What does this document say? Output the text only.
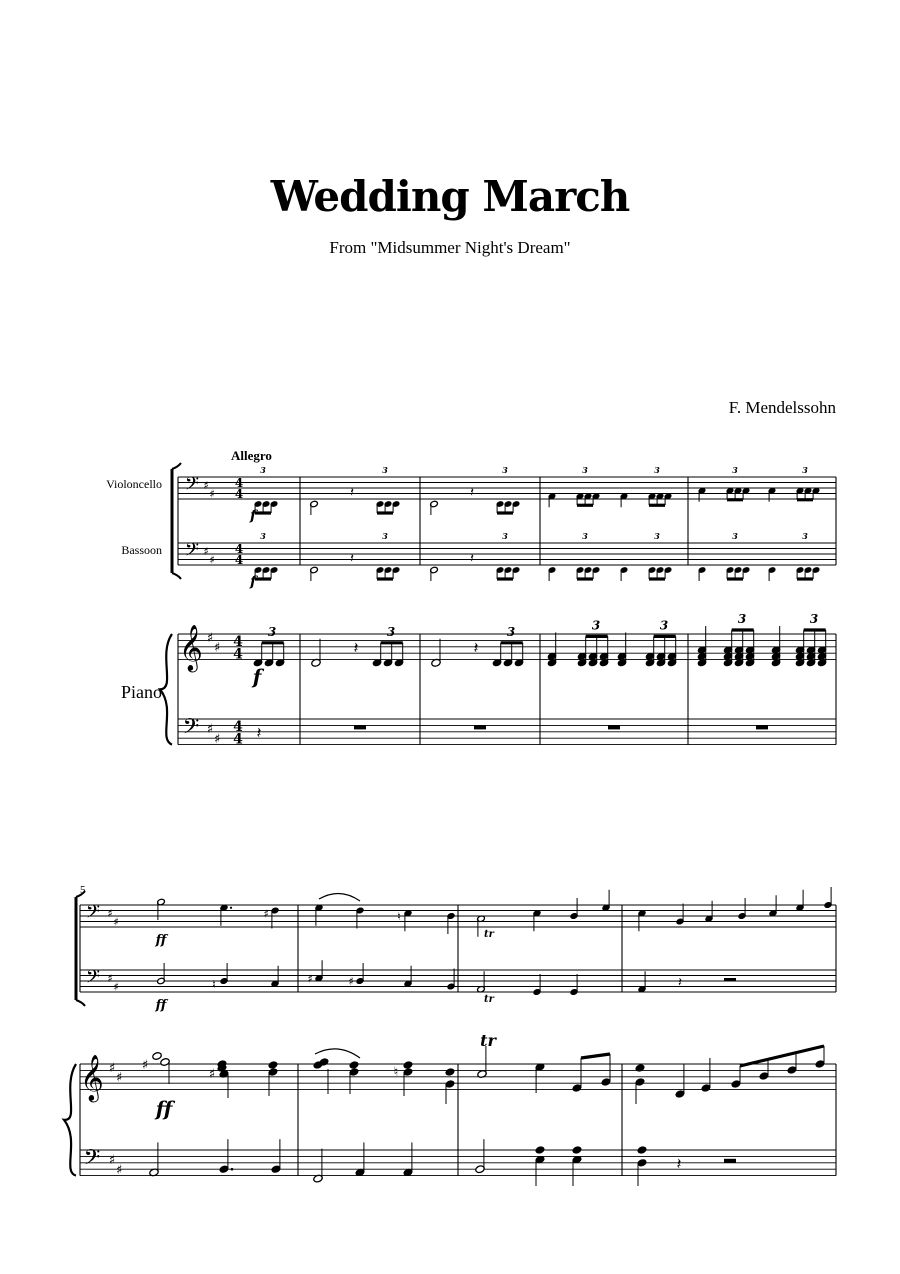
Wedding March
From "Midsummer Night's Dream"
F. Mendelssohn
Allegro
Violoncello
Bassoon
Piano
5
𝄢 ♯
♯
4
4
𝄢 ♯
♯
4
4
𝄞 ♯
♯ 4
4
𝄢 ♯
♯
4
4
3
𝄽
3
𝄽
3	3	3	3	3
f
3
𝄽
3
𝄽
3	3	3	3	3
f
3
𝄽
3
𝄽
3	3	3	3	3
f
𝄽
𝄢 ♯
♯
𝄢 ♯
♯
𝄞 ♯
♯
𝄢 ♯
♯
♯	♮
tr
ff
♮	♯	♯
tr
𝄽
ff
♯
♯	♮
tr
ff
𝄽
